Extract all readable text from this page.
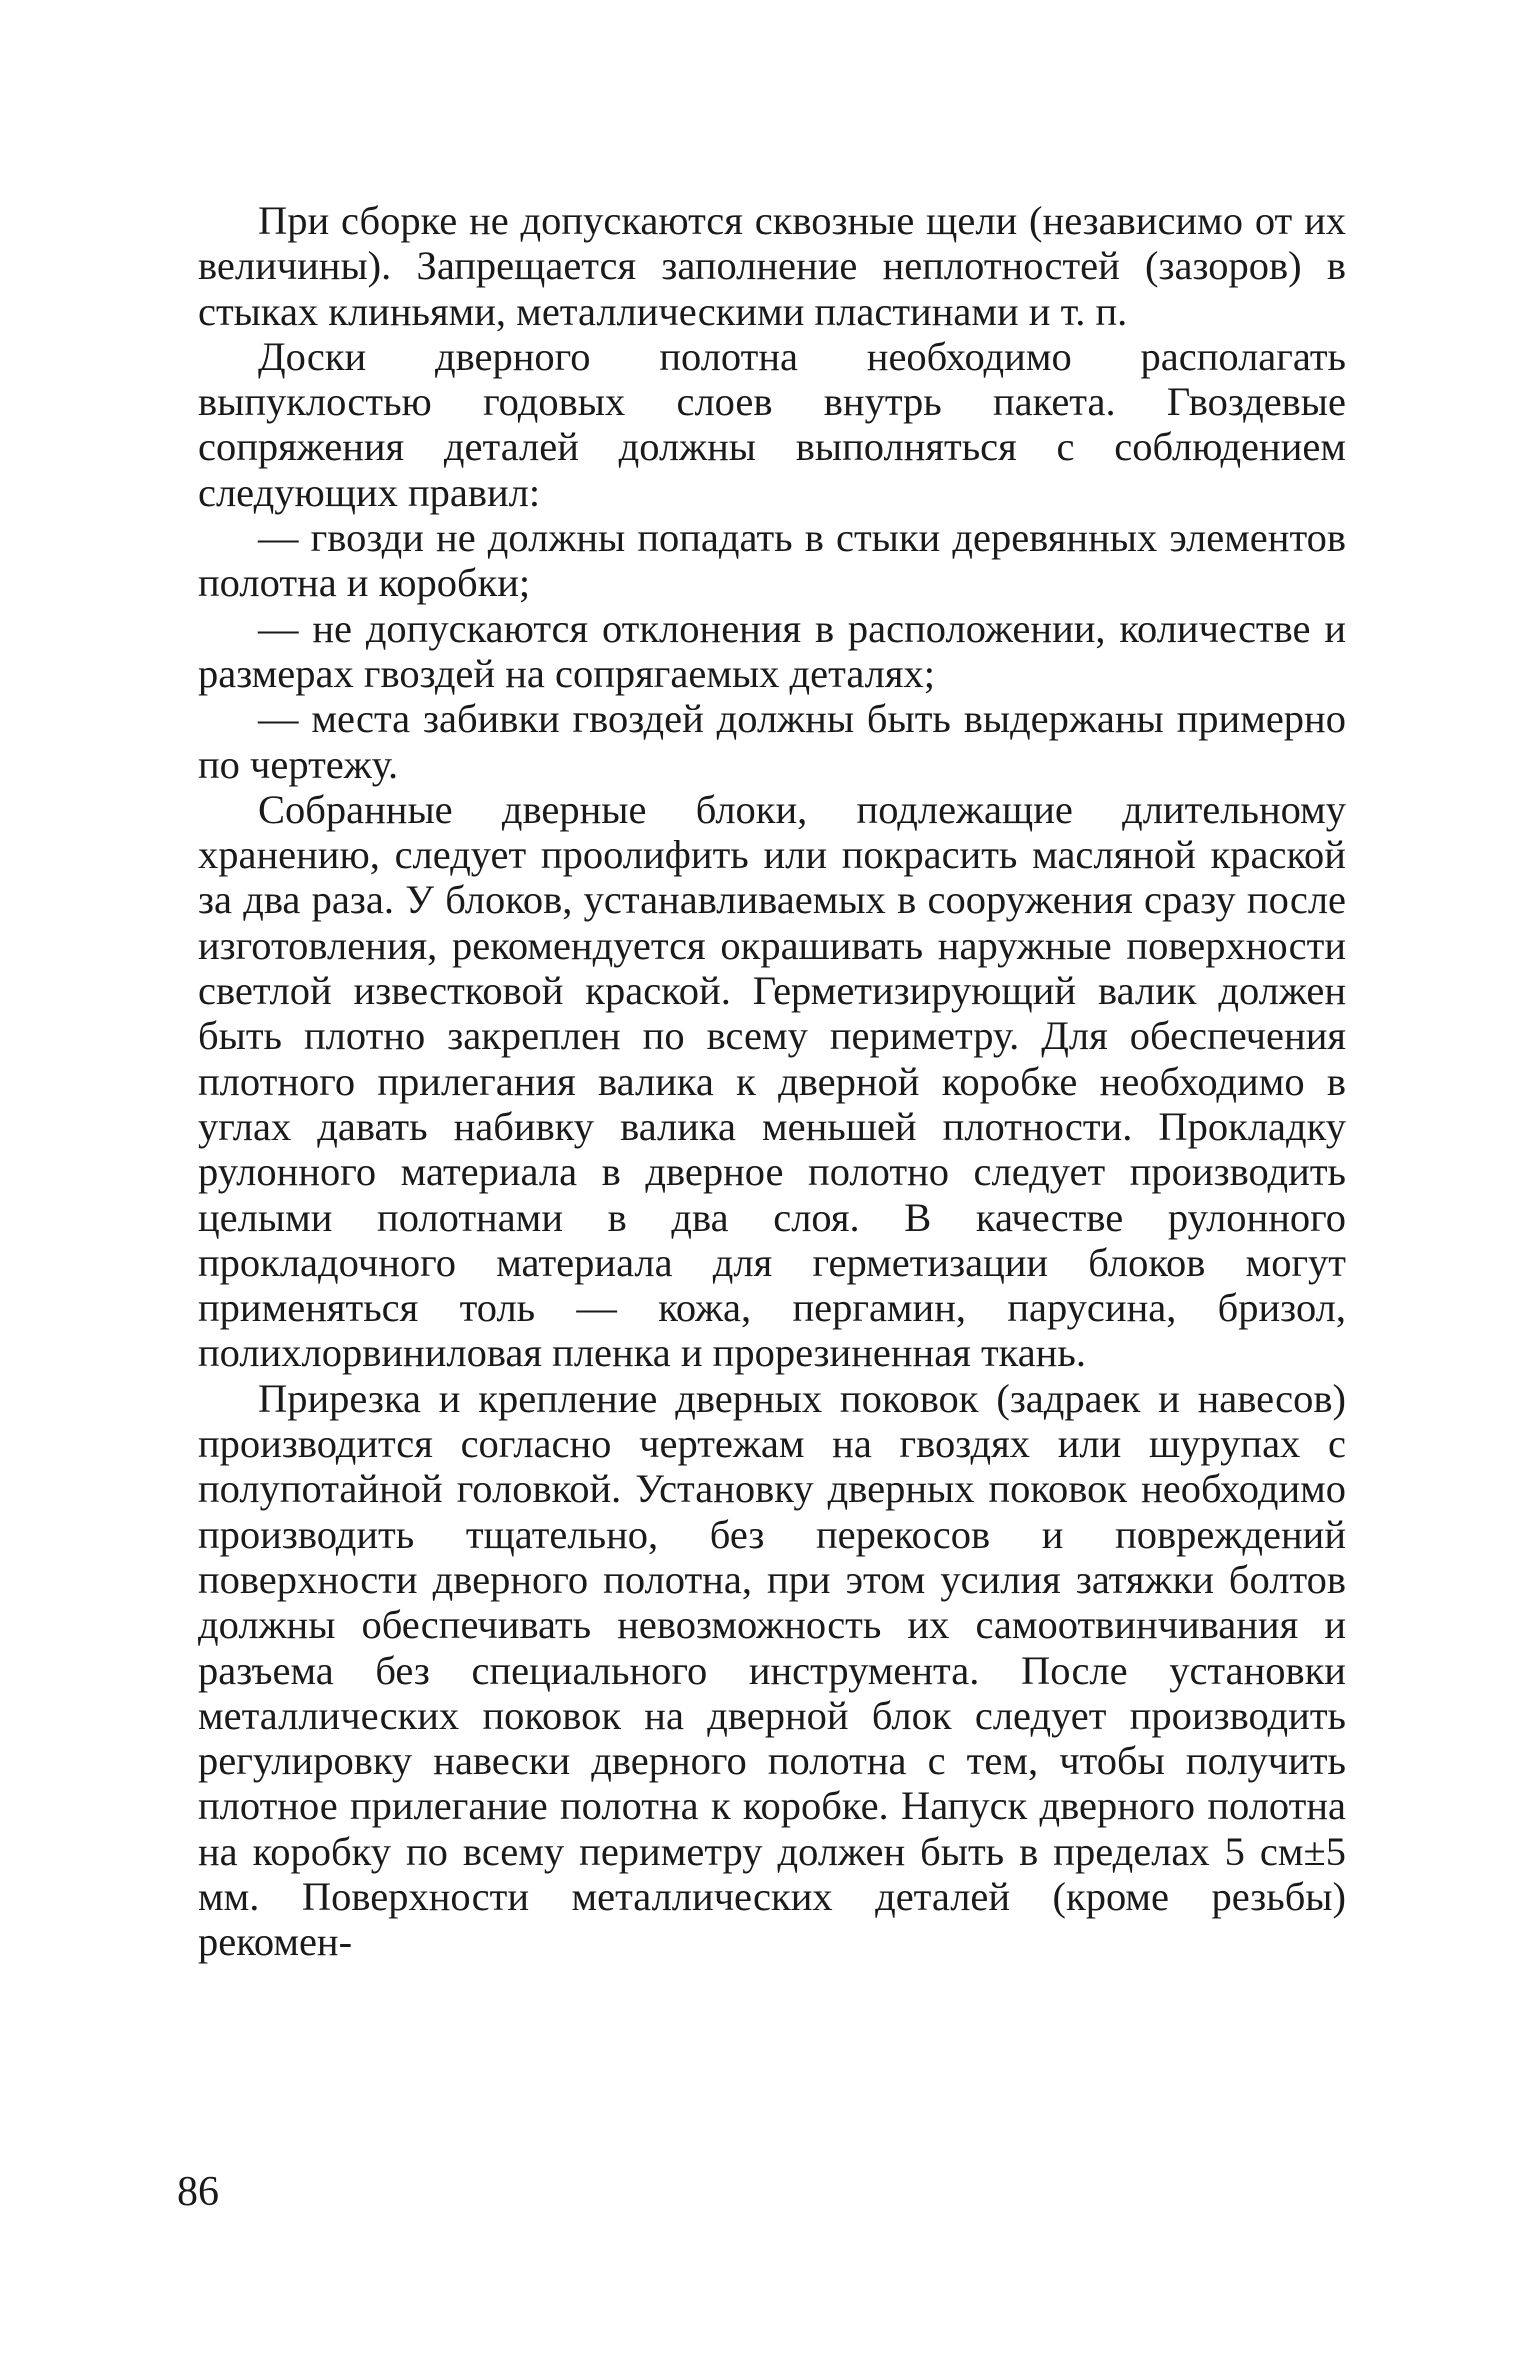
При сборке не допускаются сквозные щели (независимо от их величины). Запрещается заполнение неплотностей (зазоров) в стыках клиньями, металлическими пластинами и т. п.

Доски дверного полотна необходимо располагать выпуклостью годовых слоев внутрь пакета. Гвоздевые сопряжения деталей должны выполняться с соблюдением следующих правил:

— гвозди не должны попадать в стыки деревянных элементов полотна и коробки;

— не допускаются отклонения в расположении, количестве и размерах гвоздей на сопрягаемых деталях;

— места забивки гвоздей должны быть выдержаны примерно по чертежу.

Собранные дверные блоки, подлежащие длительному хранению, следует проолифить или покрасить масляной краской за два раза. У блоков, устанавливаемых в сооружения сразу после изготовления, рекомендуется окрашивать наружные поверхности светлой известковой краской. Герметизирующий валик должен быть плотно закреплен по всему периметру. Для обеспечения плотного прилегания валика к дверной коробке необходимо в углах давать набивку валика меньшей плотности. Прокладку рулонного материала в дверное полотно следует производить целыми полотнами в два слоя. В качестве рулонного прокладочного материала для герметизации блоков могут применяться толь — кожа, пергамин, парусина, бризол, полихлорвиниловая пленка и прорезиненная ткань.

Прирезка и крепление дверных поковок (задраек и навесов) производится согласно чертежам на гвоздях или шурупах с полупотайной головкой. Установку дверных поковок необходимо производить тщательно, без перекосов и повреждений поверхности дверного полотна, при этом усилия затяжки болтов должны обеспечивать невозможность их самоотвинчивания и разъема без специального инструмента. После установки металлических поковок на дверной блок следует производить регулировку навески дверного полотна с тем, чтобы получить плотное прилегание полотна к коробке. Напуск дверного полотна на коробку по всему периметру должен быть в пределах 5 см±5 мм. Поверхности металлических деталей (кроме резьбы) рекомен-

86
